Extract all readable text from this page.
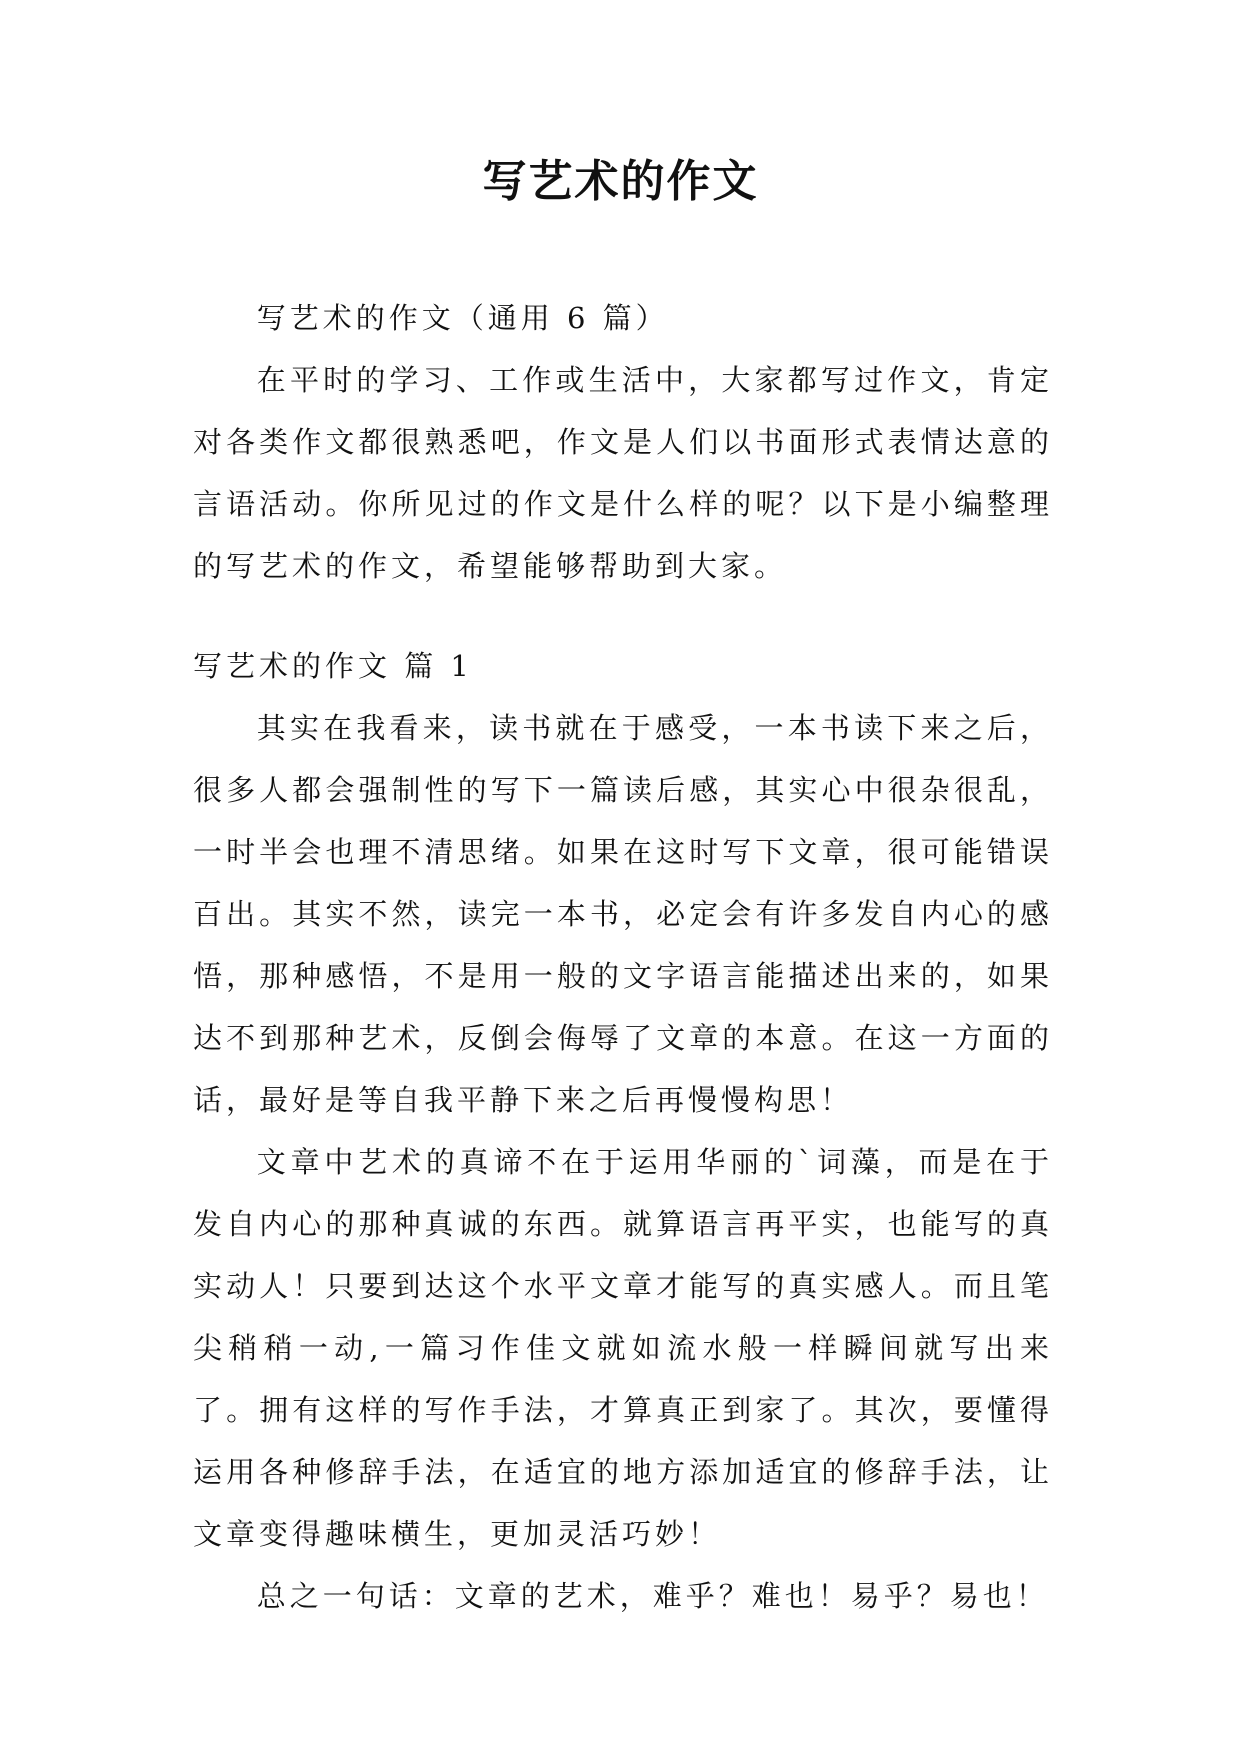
写艺术的作文

写艺术的作文（通用 6 篇）

在平时的学习、工作或生活中，大家都写过作文，肯定对各类作文都很熟悉吧，作文是人们以书面形式表情达意的言语活动。你所见过的作文是什么样的呢？以下是小编整理的写艺术的作文，希望能够帮助到大家。

写艺术的作文 篇 1

其实在我看来，读书就在于感受，一本书读下来之后，很多人都会强制性的写下一篇读后感，其实心中很杂很乱，一时半会也理不清思绪。如果在这时写下文章，很可能错误百出。其实不然，读完一本书，必定会有许多发自内心的感悟，那种感悟，不是用一般的文字语言能描述出来的，如果达不到那种艺术，反倒会侮辱了文章的本意。在这一方面的话，最好是等自我平静下来之后再慢慢构思！

文章中艺术的真谛不在于运用华丽的`词藻，而是在于发自内心的那种真诚的东西。就算语言再平实，也能写的真实动人！只要到达这个水平文章才能写的真实感人。而且笔尖稍稍一动,一篇习作佳文就如流水般一样瞬间就写出来了。拥有这样的写作手法，才算真正到家了。其次，要懂得运用各种修辞手法，在适宜的地方添加适宜的修辞手法，让文章变得趣味横生，更加灵活巧妙！

总之一句话：文章的艺术，难乎？难也！易乎？易也！
